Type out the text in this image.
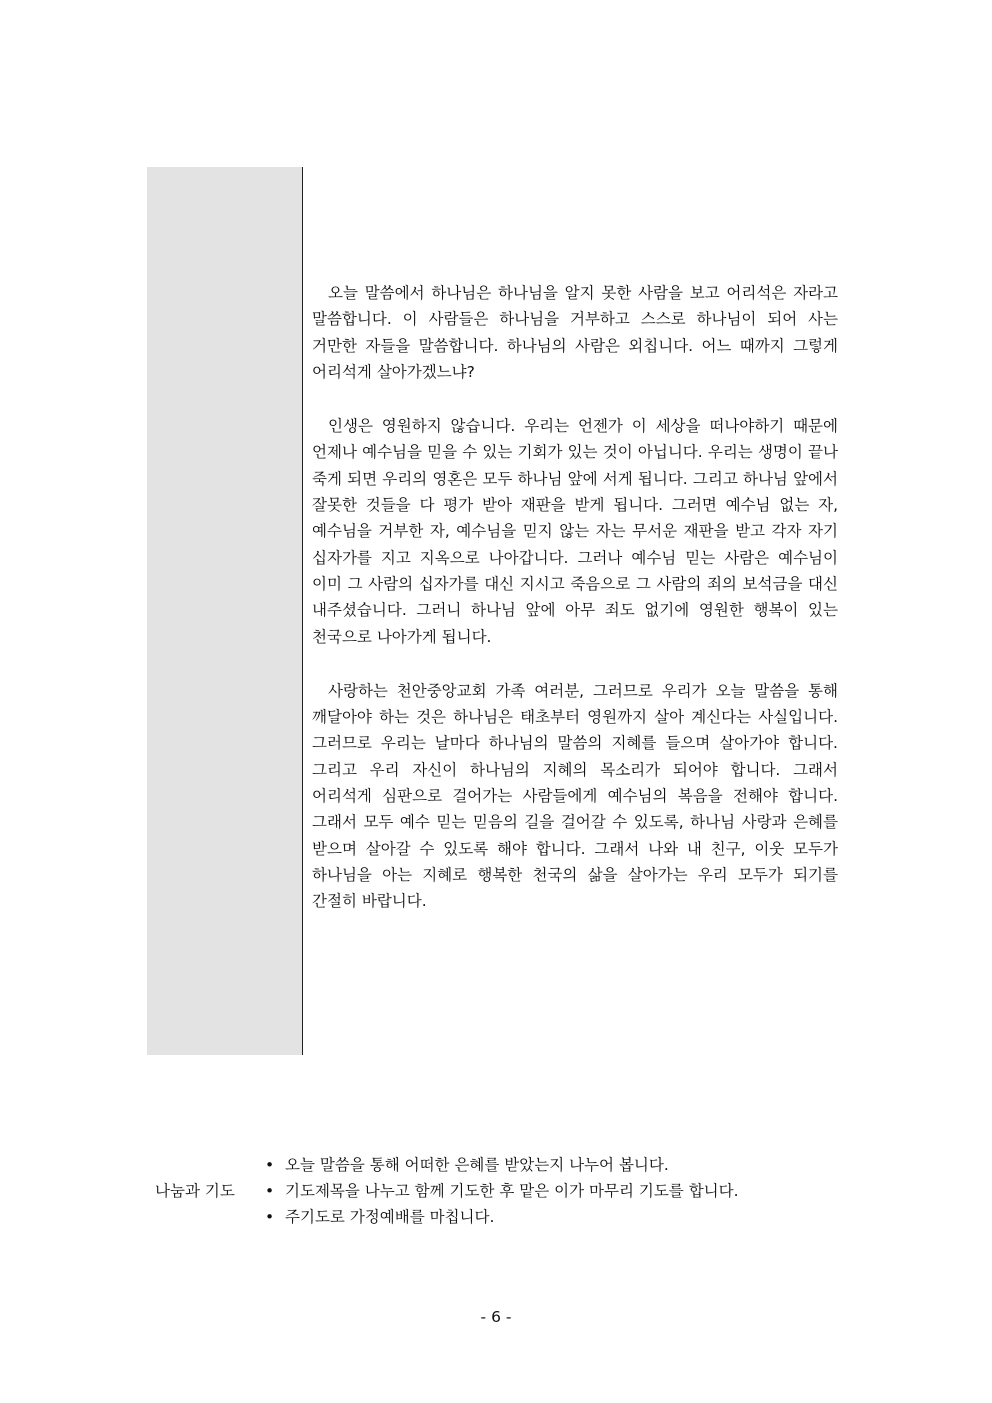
오늘 말씀에서 하나님은 하나님을 알지 못한 사람을 보고 어리석은 자라고 말씀합니다. 이 사람들은 하나님을 거부하고 스스로 하나님이 되어 사는 거만한 자들을 말씀합니다. 하나님의 사람은 외칩니다. 어느 때까지 그렇게 어리석게 살아가겠느냐?

인생은 영원하지 않습니다. 우리는 언젠가 이 세상을 떠나야하기 때문에 언제나 예수님을 믿을 수 있는 기회가 있는 것이 아닙니다. 우리는 생명이 끝나 죽게 되면 우리의 영혼은 모두 하나님 앞에 서게 됩니다. 그리고 하나님 앞에서 잘못한 것들을 다 평가 받아 재판을 받게 됩니다. 그러면 예수님 없는 자, 예수님을 거부한 자, 예수님을 믿지 않는 자는 무서운 재판을 받고 각자 자기 십자가를 지고 지옥으로 나아갑니다. 그러나 예수님 믿는 사람은 예수님이 이미 그 사람의 십자가를 대신 지시고 죽음으로 그 사람의 죄의 보석금을 대신 내주셨습니다. 그러니 하나님 앞에 아무 죄도 없기에 영원한 행복이 있는 천국으로 나아가게 됩니다.

사랑하는 천안중앙교회 가족 여러분, 그러므로 우리가 오늘 말씀을 통해 깨달아야 하는 것은 하나님은 태초부터 영원까지 살아 계신다는 사실입니다. 그러므로 우리는 날마다 하나님의 말씀의 지혜를 들으며 살아가야 합니다. 그리고 우리 자신이 하나님의 지혜의 목소리가 되어야 합니다. 그래서 어리석게 심판으로 걸어가는 사람들에게 예수님의 복음을 전해야 합니다. 그래서 모두 예수 믿는 믿음의 길을 걸어갈 수 있도록, 하나님 사랑과 은혜를 받으며 살아갈 수 있도록 해야 합니다. 그래서 나와 내 친구, 이웃 모두가 하나님을 아는 지혜로 행복한 천국의 삶을 살아가는 우리 모두가 되기를 간절히 바랍니다.

나눔과 기도
• 오늘 말씀을 통해 어떠한 은혜를 받았는지 나누어 봅니다.
• 기도제목을 나누고 함께 기도한 후 맡은 이가 마무리 기도를 합니다.
• 주기도로 가정예배를 마칩니다.
- 6 -
